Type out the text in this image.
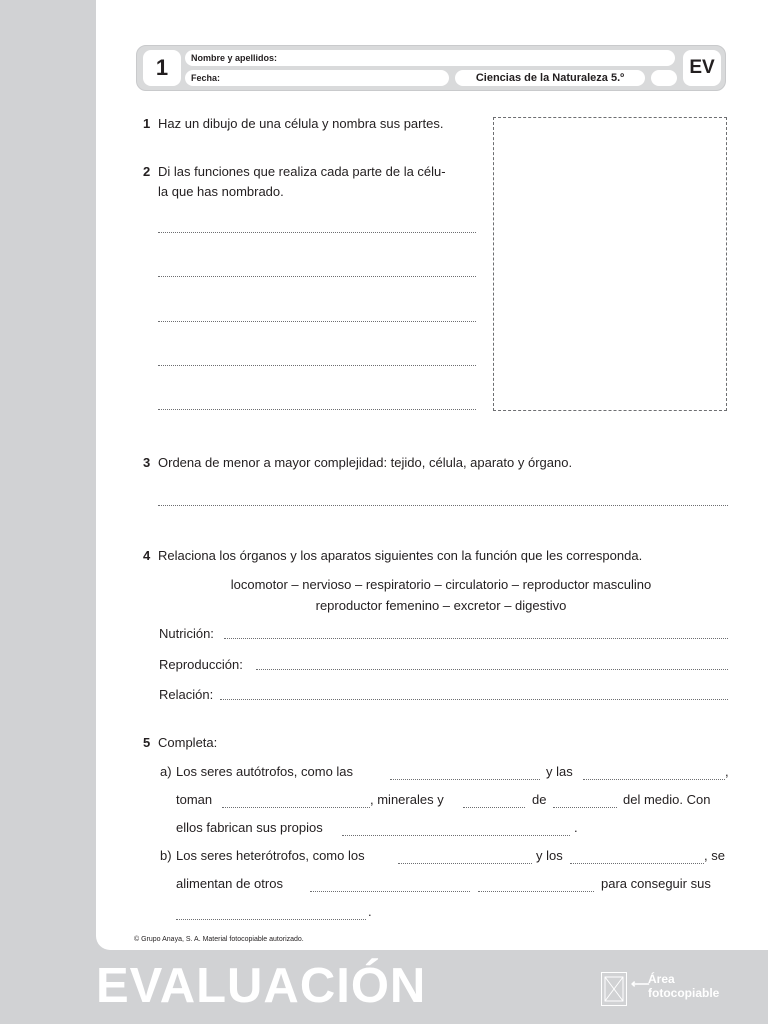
1	Nombre y apellidos:
Fecha:	Ciencias de la Naturaleza 5.º	EV
1 Haz un dibujo de una célula y nombra sus partes.
2 Di las funciones que realiza cada parte de la célu-
la que has nombrado.
3 Ordena de menor a mayor complejidad: tejido, célula, aparato y órgano.
4 Relaciona los órganos y los aparatos siguientes con la función que les corresponda.
locomotor – nervioso – respiratorio – circulatorio – reproductor masculino
reproductor femenino – excretor – digestivo
Nutrición:
Reproducción:
Relación:
5 Completa:
a) Los seres autótrofos, como las	y las	,
toman	, minerales y	de	del medio. Con
ellos fabrican sus propios	.
b) Los seres heterótrofos, como los	y los	, se
alimentan de otros	para conseguir sus
.
© Grupo Anaya, S. A. Material fotocopiable autorizado.
EVALUACIÓN	⟵
Área
fotocopiable
